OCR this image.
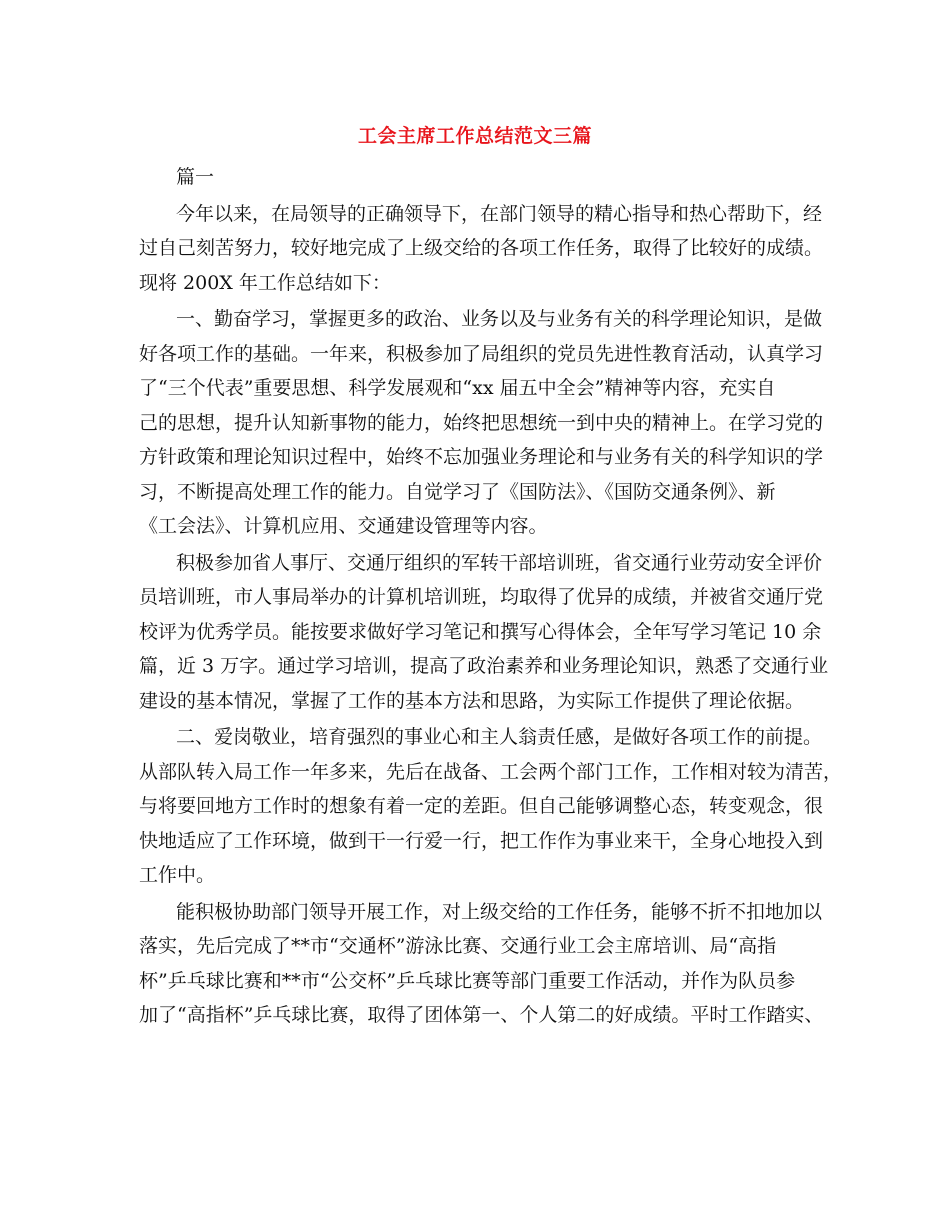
工会主席工作总结范文三篇

篇一

今年以来，在局领导的正确领导下，在部门领导的精心指导和热心帮助下，经
过自己刻苦努力，较好地完成了上级交给的各项工作任务，取得了比较好的成绩。
现将 200X 年工作总结如下：

一、勤奋学习，掌握更多的政治、业务以及与业务有关的科学理论知识，是做
好各项工作的基础。一年来，积极参加了局组织的党员先进性教育活动，认真学习
了“三个代表”重要思想、科学发展观和“xx 届五中全会”精神等内容，充实自
己的思想，提升认知新事物的能力，始终把思想统一到中央的精神上。在学习党的
方针政策和理论知识过程中，始终不忘加强业务理论和与业务有关的科学知识的学
习，不断提高处理工作的能力。自觉学习了《国防法》、《国防交通条例》、新
《工会法》、计算机应用、交通建设管理等内容。

积极参加省人事厅、交通厅组织的军转干部培训班，省交通行业劳动安全评价
员培训班，市人事局举办的计算机培训班，均取得了优异的成绩，并被省交通厅党
校评为优秀学员。能按要求做好学习笔记和撰写心得体会，全年写学习笔记 10 余
篇，近 3 万字。通过学习培训，提高了政治素养和业务理论知识，熟悉了交通行业
建设的基本情况，掌握了工作的基本方法和思路，为实际工作提供了理论依据。

二、爱岗敬业，培育强烈的事业心和主人翁责任感，是做好各项工作的前提。
从部队转入局工作一年多来，先后在战备、工会两个部门工作，工作相对较为清苦，
与将要回地方工作时的想象有着一定的差距。但自己能够调整心态，转变观念，很
快地适应了工作环境，做到干一行爱一行，把工作作为事业来干，全身心地投入到
工作中。

能积极协助部门领导开展工作，对上级交给的工作任务，能够不折不扣地加以
落实，先后完成了**市“交通杯”游泳比赛、交通行业工会主席培训、局“高指
杯”乒乓球比赛和**市“公交杯”乒乓球比赛等部门重要工作活动，并作为队员参
加了“高指杯”乒乓球比赛，取得了团体第一、个人第二的好成绩。平时工作踏实、
